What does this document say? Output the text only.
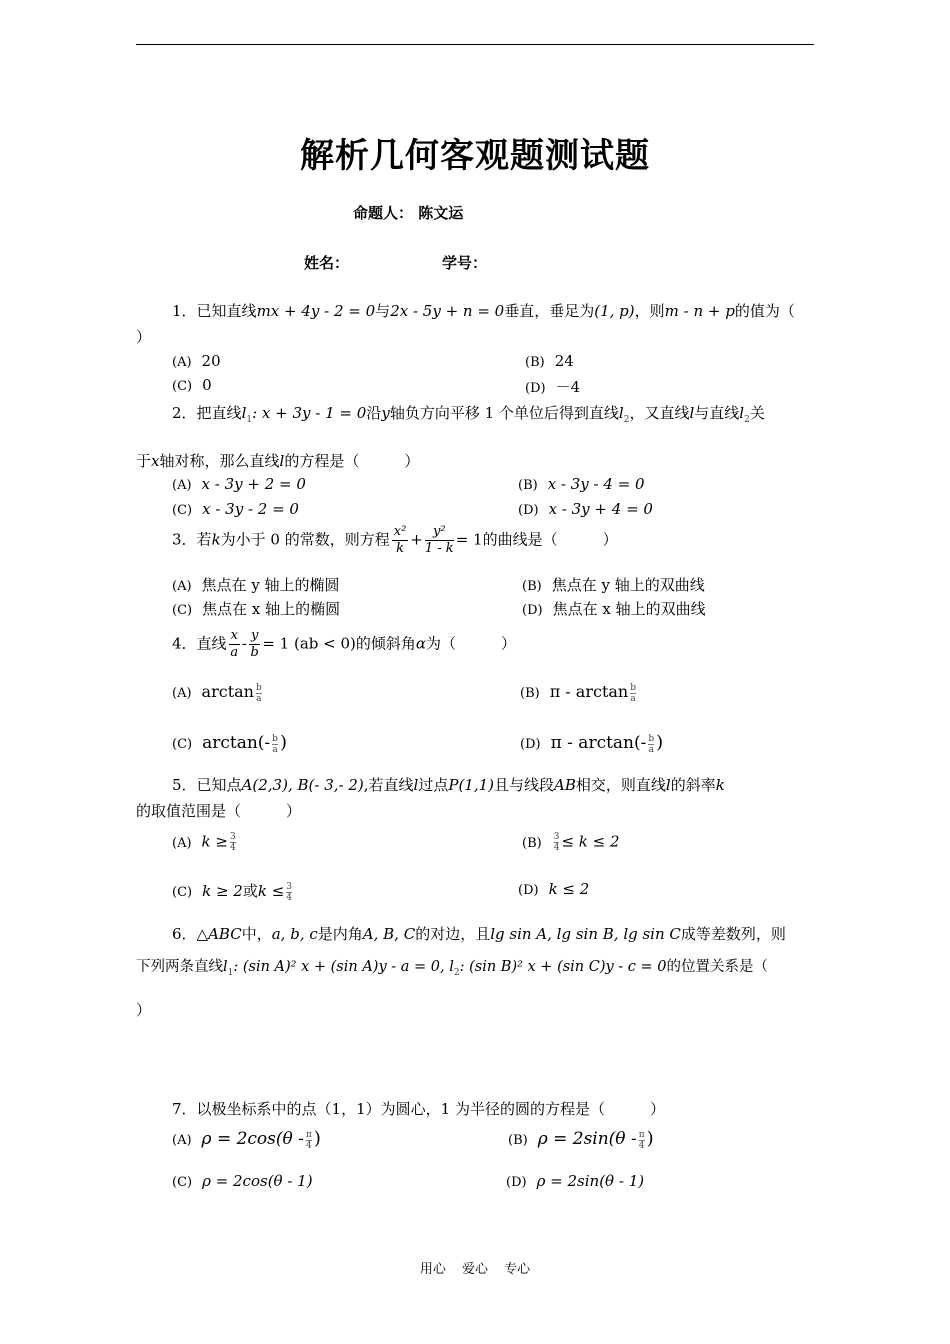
解析几何客观题测试题
命题人： 陈文运
姓名：	学号：
1．已知直线mx + 4y - 2 = 0与2x - 5y + n = 0垂直，垂足为(1, p)，则m - n + p的值为（
）
(A) 20	(B) 24
(C) 0	(D) －4
2．把直线$l_1$: x + 3y - 1 = 0沿y轴负方向平移 1 个单位后得到直线$l_2$，又直线l与直线$l_2$关
于x轴对称，那么直线l的方程是（　　　）
(A) x - 3y + 2 = 0	(B) x - 3y - 4 = 0
(C) x - 3y - 2 = 0	(D) x - 3y + 4 = 0
3．若k为小于 0 的常数，则方程 $\frac{\text{x²}}{k} + \frac{\text{y²}}{1 - k} = 1$的曲线是（　　　）
(A) 焦点在 y 轴上的椭圆	(B) 焦点在 y 轴上的双曲线
(C) 焦点在 x 轴上的椭圆	(D) 焦点在 x 轴上的双曲线
4．直线 $\frac{x}{a} - \frac{y}{b} = 1$ (ab < 0)的倾斜角α为（　　　）
(A) $\arctan \frac{b}{a}$	(B) π - $\arctan \frac{b}{a}$
(C) $\arctan(- \frac{b}{a}$ )	(D) π - $\arctan(- \frac{b}{a}$ )
5．已知点A(2,3), B(- 3,- 2),若直线l过点P(1,1)且与线段AB相交，则直线l的斜率k
的取值范围是（　　　）
(A) $k \ge \frac{3}{4}$	$(B) \frac{3}{4} \le k \le 2$
(C) k ≥ 2或$k \le \frac{3}{4}$	(D) k ≤ 2
6．△ABC中，a, b, c是内角A, B, C的对边，且lg sin A, lg sin B, lg sin C成等差数列，则
下列两条直线$l_1$: (sin A)² x + (sin A)y - a = 0, $l_2$: (sin B)² x + (sin C)y - c = 0的位置关系是（
）
7．以极坐标系中的点（1，1）为圆心，1 为半径的圆的方程是（　　　）
(A) $\rho = 2\cos(\theta - \frac{\pi}{4}$ )	(B) $\rho = 2\sin(\theta - \frac{\pi}{4}$ )
(C) ρ = 2cos(θ - 1)	(D) ρ = 2sin(θ - 1)
用心 爱心 专心
